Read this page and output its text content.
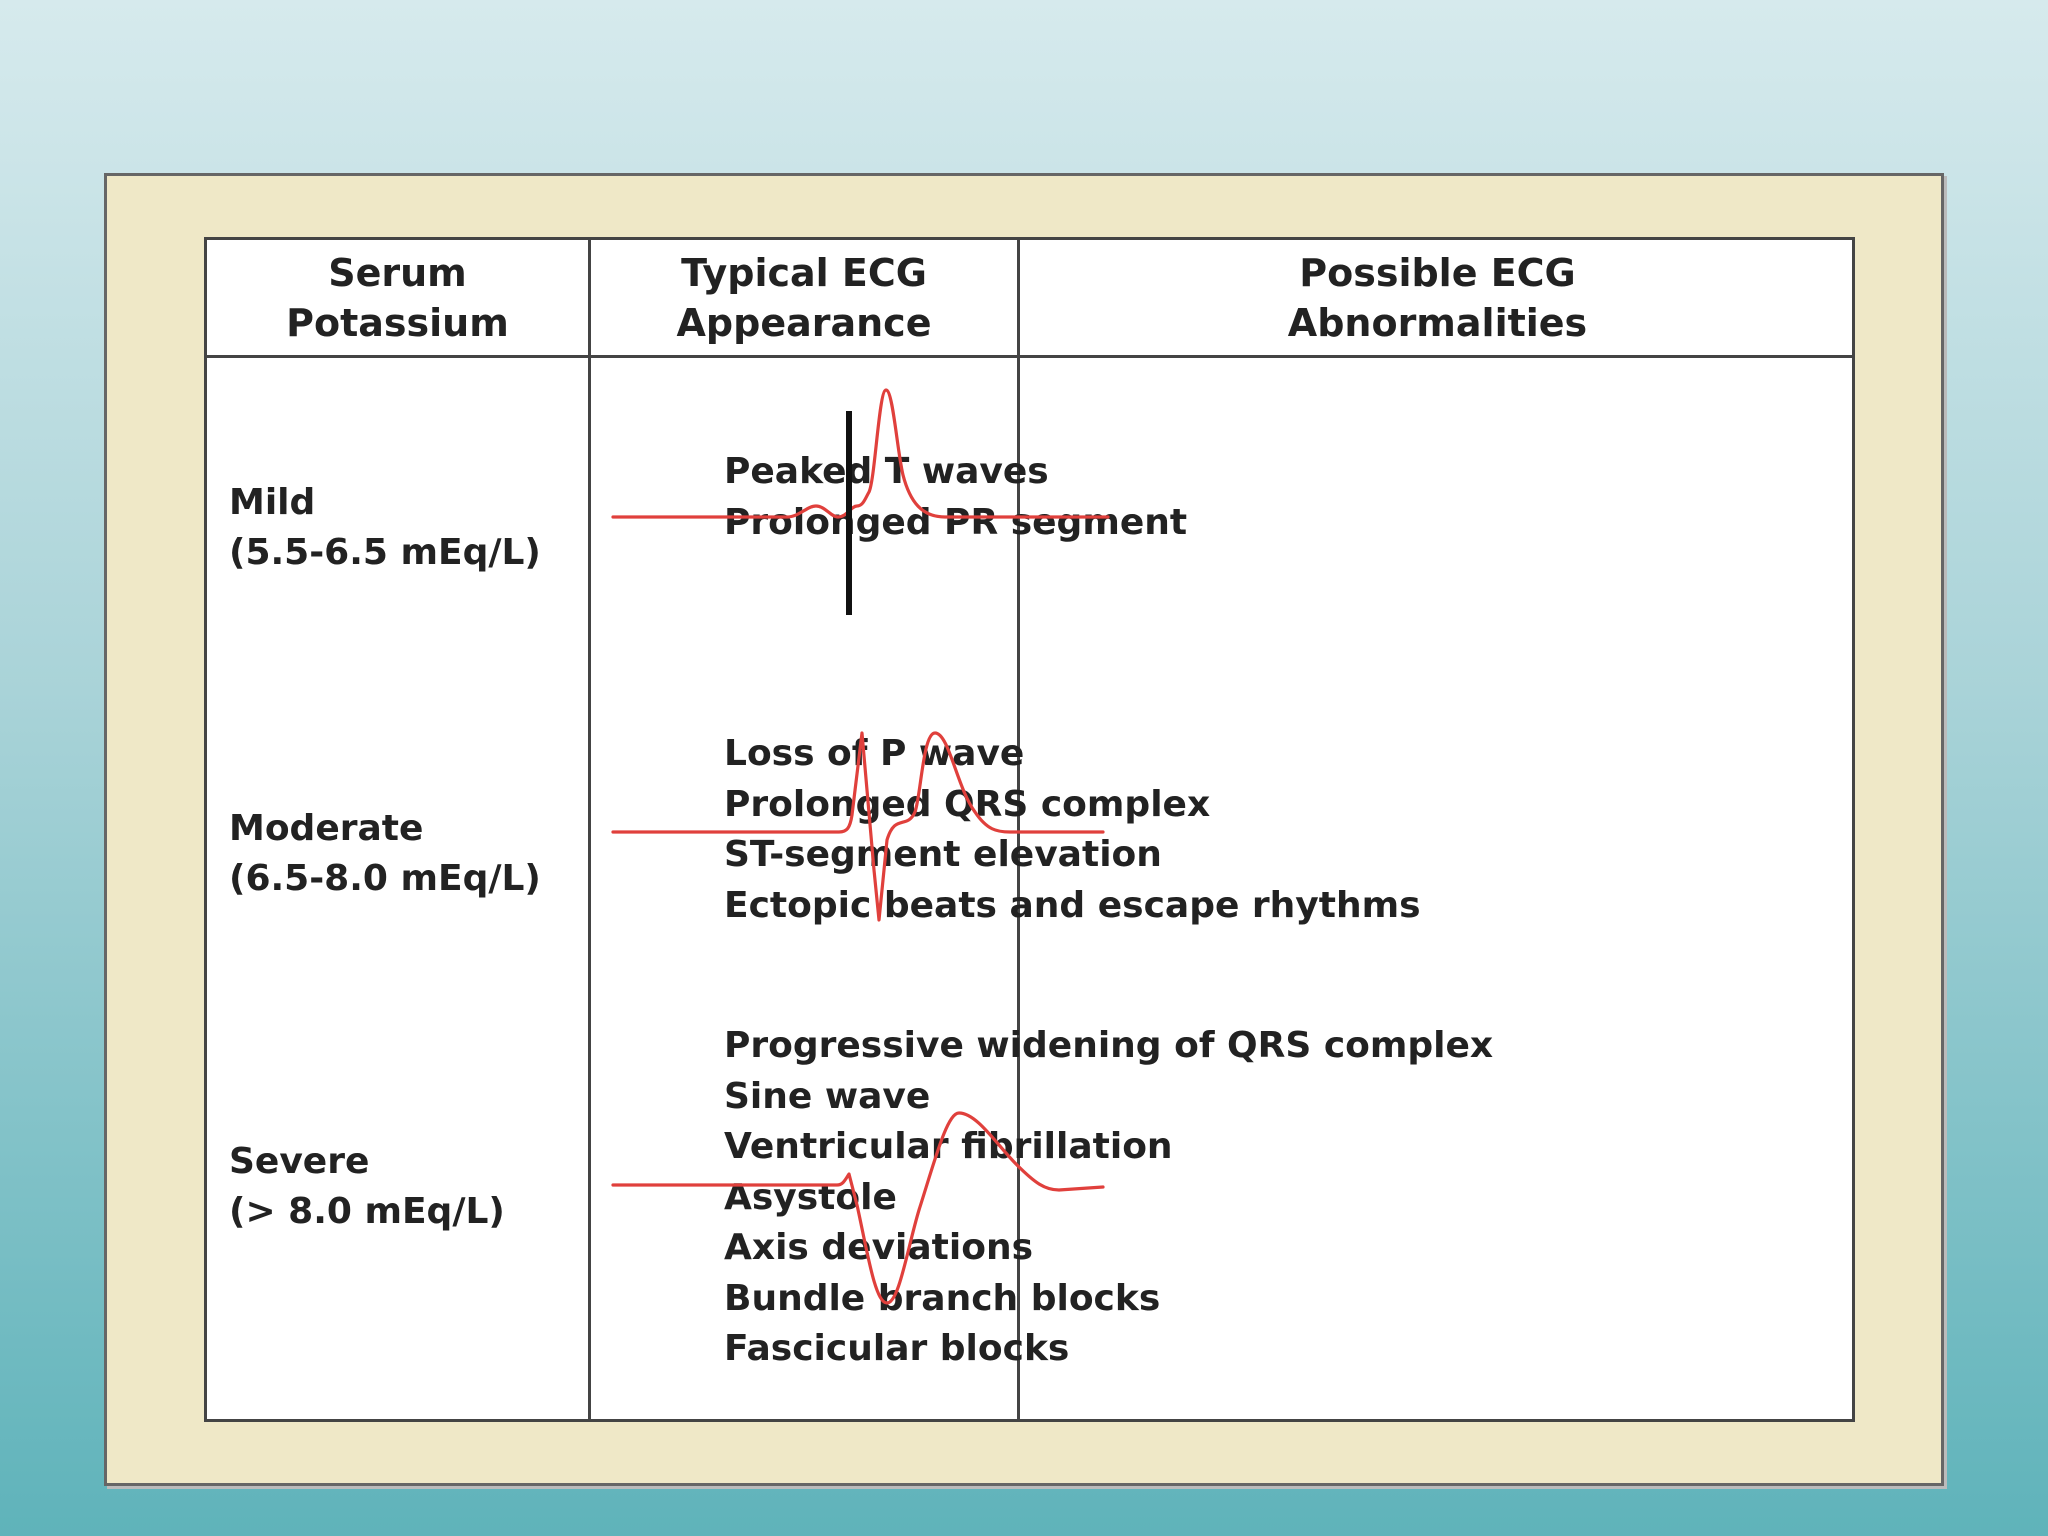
Serum
Potassium
Typical ECG
Appearance
Possible ECG
Abnormalities
Mild
(5.5-6.5 mEq/L)
Peaked T waves
Prolonged PR segment
Moderate
(6.5-8.0 mEq/L)
Loss of P wave
Prolonged QRS complex
ST-segment elevation
Ectopic beats and escape rhythms
Severe
(> 8.0 mEq/L)
Progressive widening of QRS complex
Sine wave
Ventricular fibrillation
Asystole
Axis deviations
Bundle branch blocks
Fascicular blocks
